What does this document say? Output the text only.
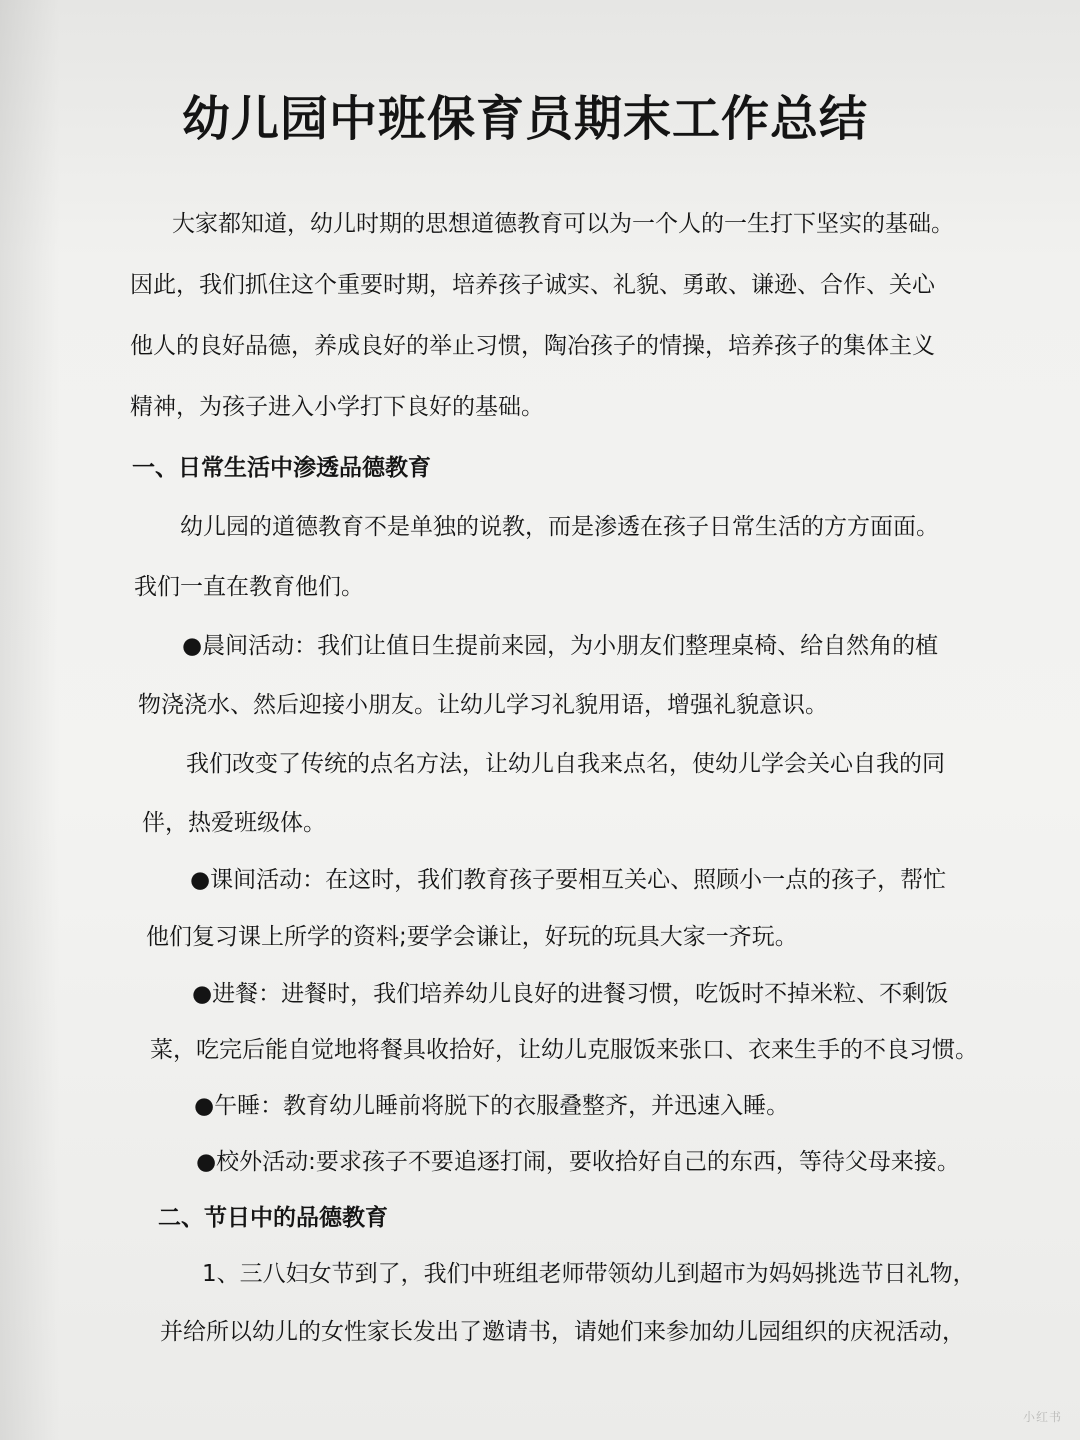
幼儿园中班保育员期末工作总结
大家都知道，幼儿时期的思想道德教育可以为一个人的一生打下坚实的基础。
因此，我们抓住这个重要时期，培养孩子诚实、礼貌、勇敢、谦逊、合作、关心
他人的良好品德，养成良好的举止习惯，陶冶孩子的情操，培养孩子的集体主义
精神，为孩子进入小学打下良好的基础。
一、日常生活中渗透品德教育
幼儿园的道德教育不是单独的说教，而是渗透在孩子日常生活的方方面面。
我们一直在教育他们。
●晨间活动：我们让值日生提前来园，为小朋友们整理桌椅、给自然角的植
物浇浇水、然后迎接小朋友。让幼儿学习礼貌用语，增强礼貌意识。
我们改变了传统的点名方法，让幼儿自我来点名，使幼儿学会关心自我的同
伴，热爱班级体。
●课间活动：在这时，我们教育孩子要相互关心、照顾小一点的孩子，帮忙
他们复习课上所学的资料;要学会谦让，好玩的玩具大家一齐玩。
●进餐：进餐时，我们培养幼儿良好的进餐习惯，吃饭时不掉米粒、不剩饭
菜，吃完后能自觉地将餐具收拾好，让幼儿克服饭来张口、衣来生手的不良习惯。
●午睡：教育幼儿睡前将脱下的衣服叠整齐，并迅速入睡。
●校外活动:要求孩子不要追逐打闹，要收拾好自己的东西，等待父母来接。
二、节日中的品德教育
1、三八妇女节到了，我们中班组老师带领幼儿到超市为妈妈挑选节日礼物，
并给所以幼儿的女性家长发出了邀请书，请她们来参加幼儿园组织的庆祝活动，
小红书
